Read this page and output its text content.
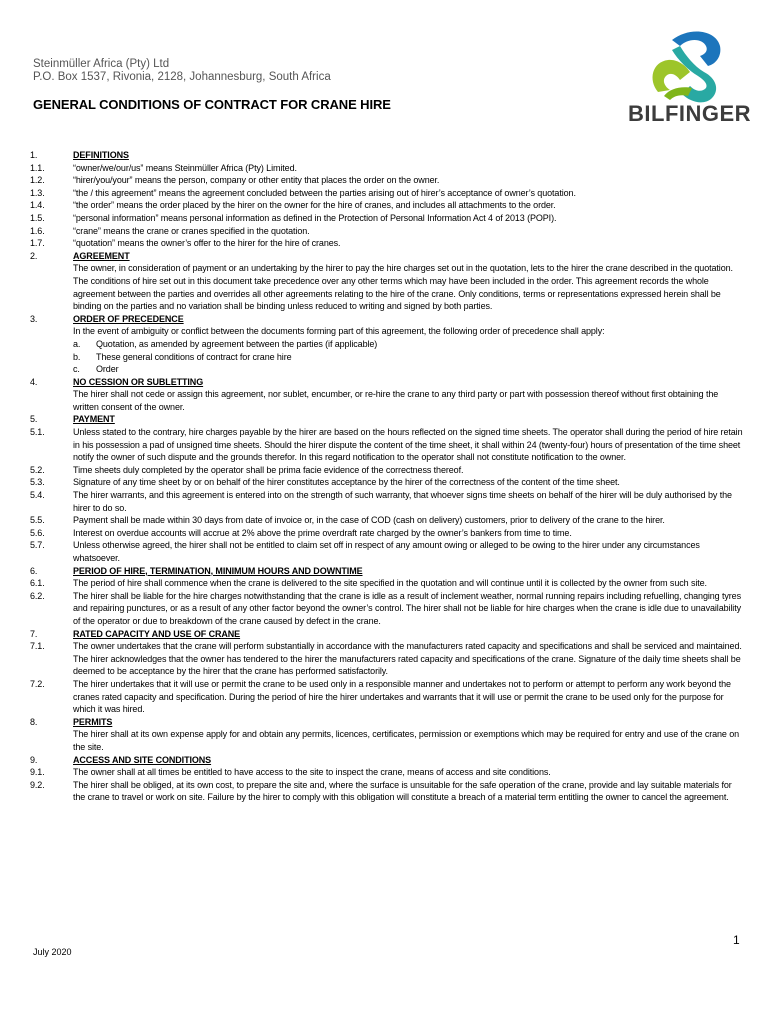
Steinmüller Africa (Pty) Ltd
P.O. Box 1537, Rivonia, 2128, Johannesburg, South Africa
GENERAL CONDITIONS OF CONTRACT FOR CRANE HIRE	BILFINGER
1.	DEFINITIONS
1.1.	“owner/we/our/us” means Steinmüller Africa (Pty) Limited.
1.2.	“hirer/you/your” means the person, company or other entity that places the order on the owner.
1.3.	“the / this agreement” means the agreement concluded between the parties arising out of hirer’s acceptance of owner’s quotation.
1.4.	“the order” means the order placed by the hirer on the owner for the hire of cranes, and includes all attachments to the order.
1.5.	“personal information” means personal information as defined in the Protection of Personal Information Act 4 of 2013 (POPI).
1.6.	“crane” means the crane or cranes specified in the quotation.
1.7.	“quotation” means the owner’s offer to the hirer for the hire of cranes.
2.	AGREEMENT
The owner, in consideration of payment or an undertaking by the hirer to pay the hire charges set out in the quotation, lets to the hirer the crane described in the quotation. The conditions of hire set out in this document take precedence over any other terms which may have been included in the order. This agreement records the whole agreement between the parties and overrides all other agreements relating to the hire of the crane. Only conditions, terms or representations expressed herein shall be binding on the parties and no variation shall be binding unless reduced to writing and signed by both parties.
3.	ORDER OF PRECEDENCE
In the event of ambiguity or conflict between the documents forming part of this agreement, the following order of precedence shall apply:
a.	Quotation, as amended by agreement between the parties (if applicable)
b.	These general conditions of contract for crane hire
c.	Order
4.	NO CESSION OR SUBLETTING
The hirer shall not cede or assign this agreement, nor sublet, encumber, or re-hire the crane to any third party or part with possession thereof without first obtaining the written consent of the owner.
5.	PAYMENT
5.1.	Unless stated to the contrary, hire charges payable by the hirer are based on the hours reflected on the signed time sheets. The operator shall during the period of hire retain in his possession a pad of unsigned time sheets. Should the hirer dispute the content of the time sheet, it shall within 24 (twenty-four) hours of presentation of the time sheet notify the owner of such dispute and the grounds therefor. In this regard notification to the operator shall not constitute notification to the owner.
5.2.	Time sheets duly completed by the operator shall be prima facie evidence of the correctness thereof.
5.3.	Signature of any time sheet by or on behalf of the hirer constitutes acceptance by the hirer of the correctness of the content of the time sheet.
5.4.	The hirer warrants, and this agreement is entered into on the strength of such warranty, that whoever signs time sheets on behalf of the hirer will be duly authorised by the hirer to do so.
5.5.	Payment shall be made within 30 days from date of invoice or, in the case of COD (cash on delivery) customers, prior to delivery of the crane to the hirer.
5.6.	Interest on overdue accounts will accrue at 2% above the prime overdraft rate charged by the owner’s bankers from time to time.
5.7.	Unless otherwise agreed, the hirer shall not be entitled to claim set off in respect of any amount owing or alleged to be owing to the hirer under any circumstances whatsoever.
6.	PERIOD OF HIRE, TERMINATION, MINIMUM HOURS AND DOWNTIME
6.1.	The period of hire shall commence when the crane is delivered to the site specified in the quotation and will continue until it is collected by the owner from such site.
6.2.	The hirer shall be liable for the hire charges notwithstanding that the crane is idle as a result of inclement weather, normal running repairs including refuelling, changing tyres and repairing punctures, or as a result of any other factor beyond the owner’s control. The hirer shall not be liable for hire charges when the crane is idle due to unavailability of the operator or due to breakdown of the crane caused by defect in the crane.
7.	RATED CAPACITY AND USE OF CRANE
7.1.	The owner undertakes that the crane will perform substantially in accordance with the manufacturers rated capacity and specifications and shall be serviced and maintained. The hirer acknowledges that the owner has tendered to the hirer the manufacturers rated capacity and specifications of the crane. Signature of the daily time sheets shall be deemed to be acceptance by the hirer that the crane has performed satisfactorily.
7.2.	The hirer undertakes that it will use or permit the crane to be used only in a responsible manner and undertakes not to perform or attempt to perform any work beyond the cranes rated capacity and specification. During the period of hire the hirer undertakes and warrants that it will use or permit the crane to be used only for the purpose for which it was hired.
8.	PERMITS
The hirer shall at its own expense apply for and obtain any permits, licences, certificates, permission or exemptions which may be required for entry and use of the crane on the site.
9.	ACCESS AND SITE CONDITIONS
9.1.	The owner shall at all times be entitled to have access to the site to inspect the crane, means of access and site conditions.
9.2.	The hirer shall be obliged, at its own cost, to prepare the site and, where the surface is unsuitable for the safe operation of the crane, provide and lay suitable materials for the crane to travel or work on site. Failure by the hirer to comply with this obligation will constitute a breach of a material term entitling the owner to cancel the agreement.
1
July 2020
